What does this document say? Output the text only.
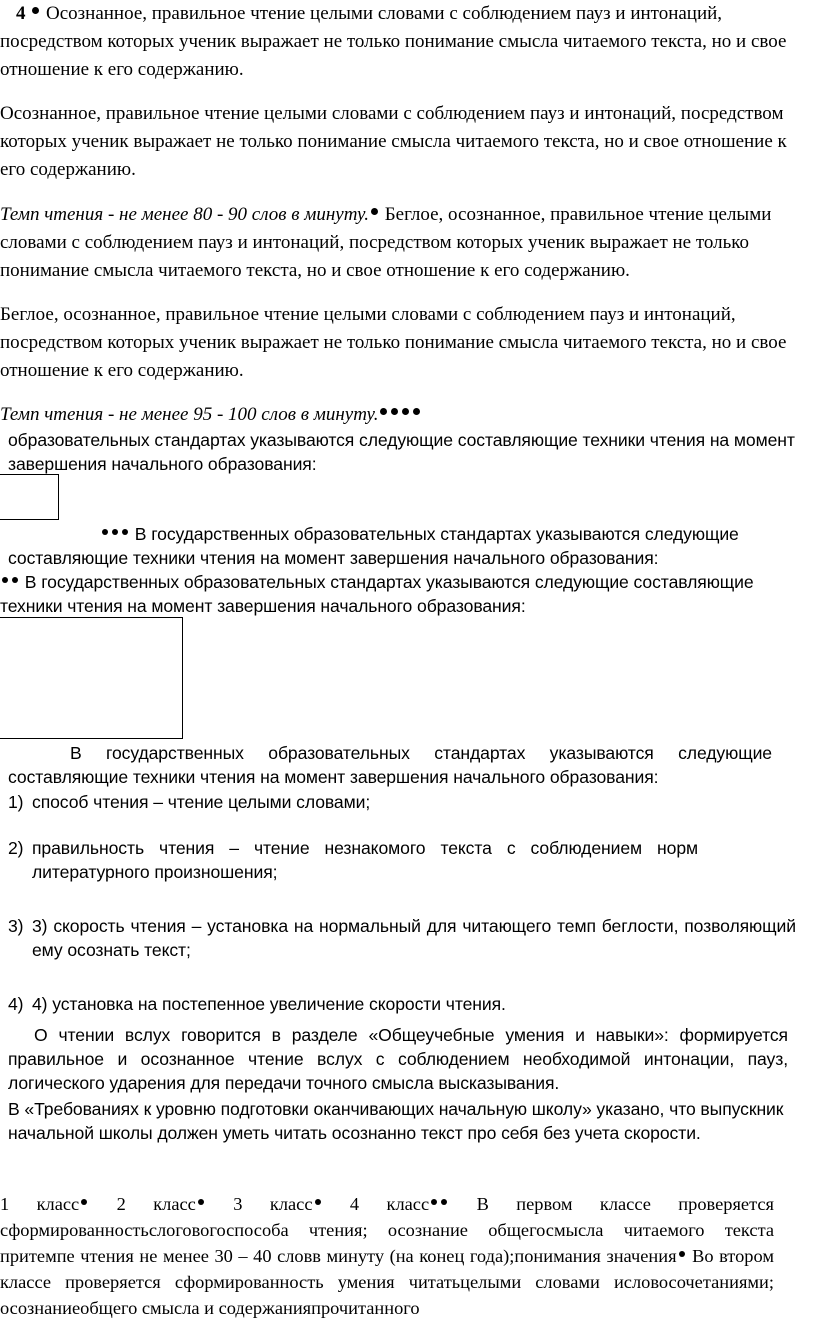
4 Осознанное, правильное чтение целыми словами с соблюдением пауз и интонаций, посредством которых ученик выражает не только понимание смысла читаемого текста, но и свое отношение к его содержанию.

Осознанное, правильное чтение целыми словами с соблюдением пауз и интонаций, посредством которых ученик выражает не только понимание смысла читаемого текста, но и свое отношение к его содержанию.

Темп чтения - не менее 80 - 90 слов в минуту. Беглое, осознанное, правильное чтение целыми словами с соблюдением пауз и интонаций, посредством которых ученик выражает не только понимание смысла читаемого текста, но и свое отношение к его содержанию.

Беглое, осознанное, правильное чтение целыми словами с соблюдением пауз и интонаций, посредством которых ученик выражает не только понимание смысла читаемого текста, но и свое отношение к его содержанию.

Темп чтения - не менее 95 - 100 слов в минуту.

образовательных стандартах указываются следующие составляющие техники чтения на момент завершения начального образования:

В государственных образовательных стандартах указываются следующие составляющие техники чтения на момент завершения начального образования:

В государственных образовательных стандартах указываются следующие составляющие техники чтения на момент завершения начального образования:

В государственных образовательных стандартах указываются следующие составляющие техники чтения на момент завершения начального образования:

1) способ чтения – чтение целыми словами;
2) правильность чтения – чтение незнакомого текста с соблюдением норм литературного произношения;
3) 3) скорость чтения – установка на нормальный для читающего темп беглости, позволяющий ему осознать текст;
4) 4) установка на постепенное увеличение скорости чтения.

О чтении вслух говорится в разделе «Общеучебные умения и навыки»: формируется правильное и осознанное чтение вслух с соблюдением необходимой интонации, пауз, логического ударения для передачи точного смысла высказывания.

В «Требованиях к уровню подготовки оканчивающих начальную школу» указано, что выпускник начальной школы должен уметь читать осознанно текст про себя без учета скорости.

1 класс 2 класс 3 класс 4 класс	В первом классе проверяется сформированностьслоговогоспособа чтения; осознание общегосмысла читаемого текста притемпе чтения не менее 30 – 40 словв минуту (на конец года);понимания значения Во втором классе проверяется сформированность умения читатьцелыми словами исловосочетаниями; осознаниеобщего смысла и содержанияпрочитанного
